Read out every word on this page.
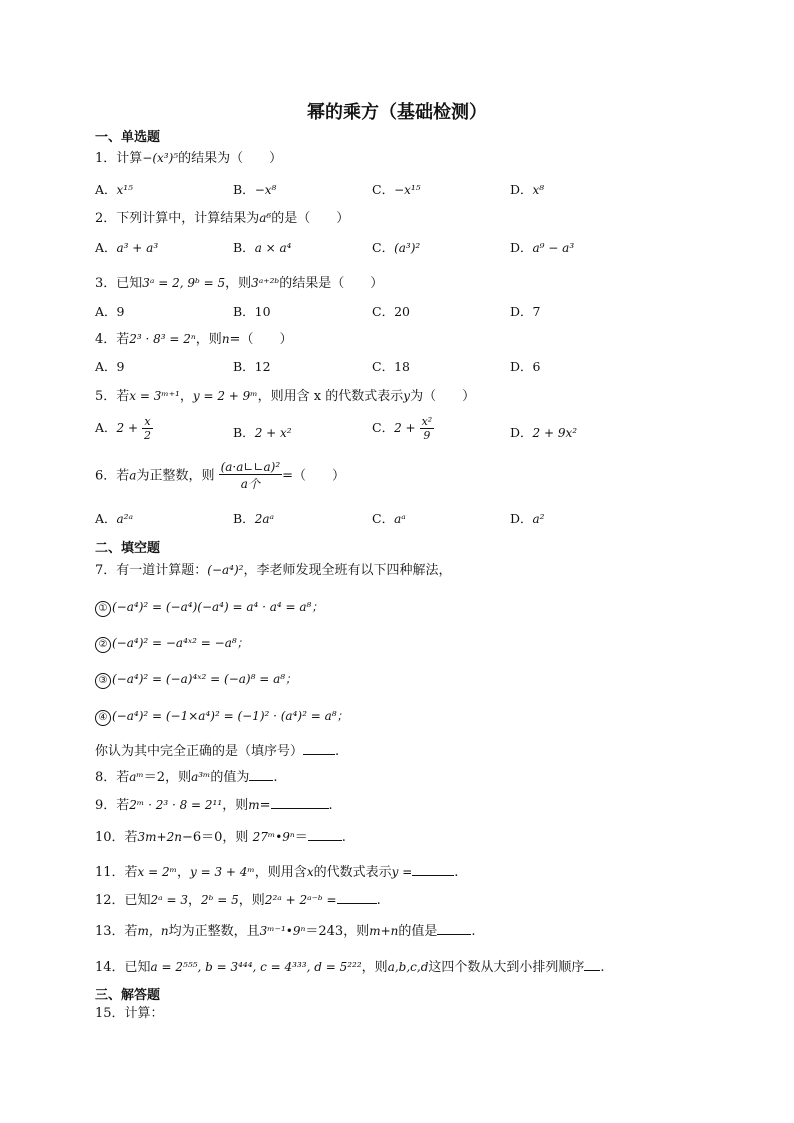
幂的乘方（基础检测）
一、单选题
1．计算−(x³)⁵的结果为（　　）
A．x¹⁵	B．−x⁸	C．−x¹⁵	D．x⁸
2．下列计算中，计算结果为a⁶的是（　　）
A．a³ + a³	B．a × a⁴	C．(a³)²	D．a⁹ − a³
3．已知3ᵃ = 2, 9ᵇ = 5，则3ᵃ⁺²ᵇ的结果是（　　）
A．9	B．10	C．20	D．7
4．若2³ · 8³ = 2ⁿ，则n=（　　）
A．9	B．12	C．18	D．6
5．若x = 3ᵐ⁺¹，y = 2 + 9ᵐ，则用含 x 的代数式表示y为（　　）
A．$2 + \frac{x}{2}$	B．2 + x²	C．$2 + \frac{\text{x²}}{9}$	D．2 + 9x²
6．若a为正整数，则 $\frac{\text{(a·a∟∟a)²}}{\text{a个}}$ =（　　）
A．a²ᵃ	B．2aᵃ	C．aᵃ	D．a²
二、填空题
7．有一道计算题：(−a⁴)²，李老师发现全班有以下四种解法，
① (−a⁴)² = (−a⁴)(−a⁴) = a⁴ · a⁴ = a⁸；
② (−a⁴)² = −a⁴ˣ² = −a⁸；
③ (−a⁴)² = (−a)⁴ˣ² = (−a)⁸ = a⁸；
④ (−a⁴)² = (−1×a⁴)² = (−1)² · (a⁴)² = a⁸；
你认为其中完全正确的是（填序号） .
8．若aᵐ＝2，则a³ᵐ的值为 .
9．若2ᵐ · 2³ · 8 = 2¹¹，则m=	.
10．若3m+2n−6＝0，则 27ᵐ•9ⁿ＝	.
11．若x = 2ᵐ，y = 3 + 4ᵐ，则用含x的代数式表示y =	.
12．已知2ᵃ = 3，2ᵇ = 5，则2²ᵃ + 2ᵃ⁻ᵇ =	.
13．若m，n均为正整数，且3ᵐ⁻¹•9ⁿ＝243，则m+n的值是	.
14．已知a = 2⁵⁵⁵, b = 3⁴⁴⁴, c = 4³³³, d = 5²²²，则a,b,c,d这四个数从大到小排列顺序 .
三、解答题
15．计算：
